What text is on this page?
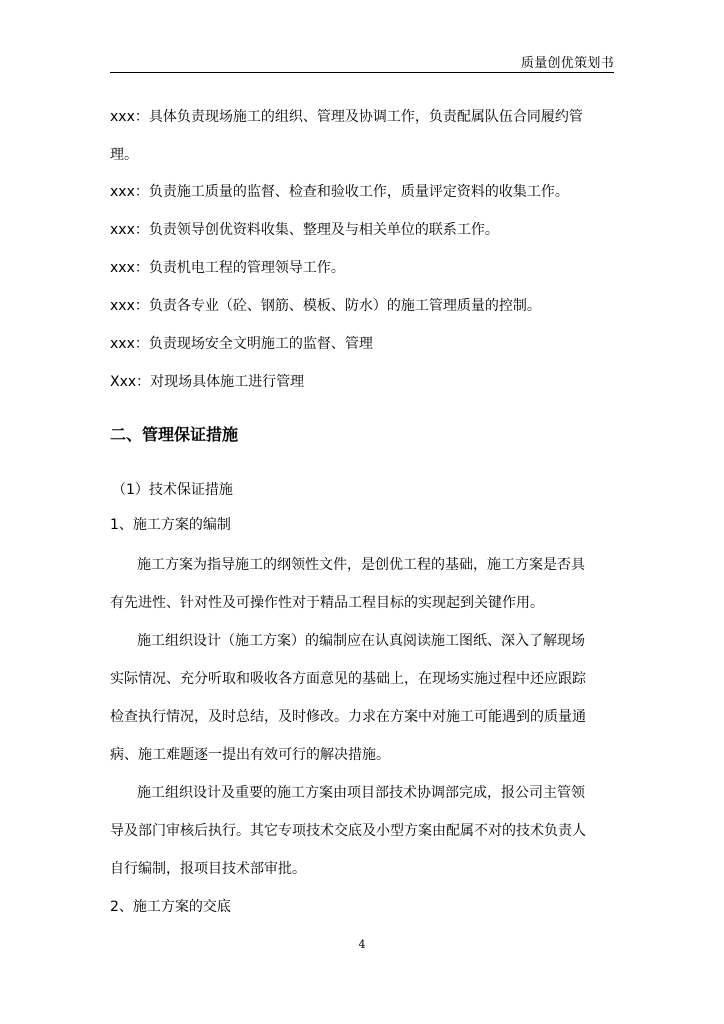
质量创优策划书
xxx：具体负责现场施工的组织、管理及协调工作，负责配属队伍合同履约管
理。
xxx：负责施工质量的监督、检查和验收工作，质量评定资料的收集工作。
xxx：负责领导创优资料收集、整理及与相关单位的联系工作。
xxx：负责机电工程的管理领导工作。
xxx：负责各专业（砼、钢筋、模板、防水）的施工管理质量的控制。
xxx：负责现场安全文明施工的监督、管理
Xxx：对现场具体施工进行管理
二、管理保证措施
（1）技术保证措施
1、施工方案的编制
施工方案为指导施工的纲领性文件，是创优工程的基础，施工方案是否具
有先进性、针对性及可操作性对于精品工程目标的实现起到关键作用。
施工组织设计（施工方案）的编制应在认真阅读施工图纸、深入了解现场
实际情况、充分听取和吸收各方面意见的基础上，在现场实施过程中还应跟踪
检查执行情况，及时总结，及时修改。力求在方案中对施工可能遇到的质量通
病、施工难题逐一提出有效可行的解决措施。
施工组织设计及重要的施工方案由项目部技术协调部完成，报公司主管领
导及部门审核后执行。其它专项技术交底及小型方案由配属不对的技术负责人
自行编制，报项目技术部审批。
2、施工方案的交底
4
